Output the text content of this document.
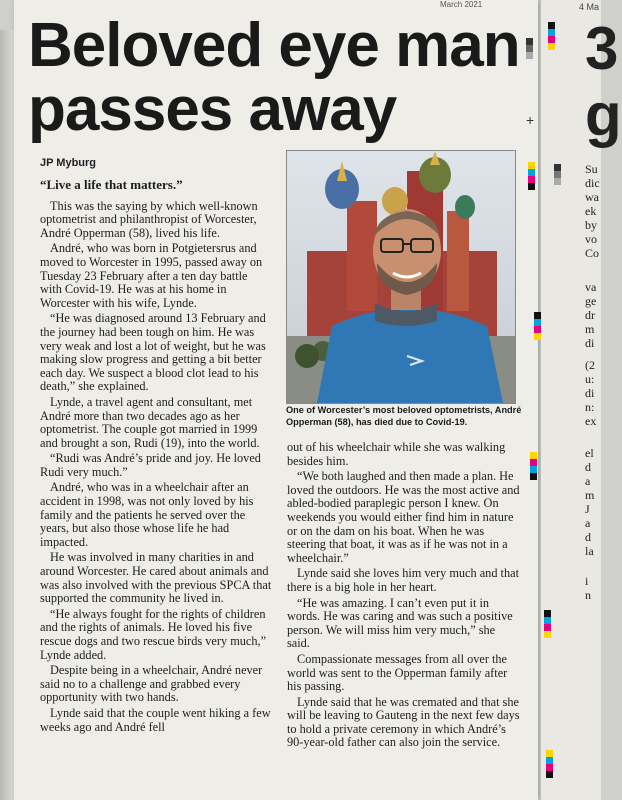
March 2021
Beloved eye man
passes away
JP Myburg

“Live a life that matters.”

This was the saying by which well-known optometrist and philanthropist of Worcester, André Opperman (58), lived his life.

André, who was born in Potgietersrus and moved to Worcester in 1995, passed away on Tuesday 23 February after a ten day battle with Covid-19. He was at his home in Worcester with his wife, Lynde.

“He was diagnosed around 13 February and the journey had been tough on him. He was very weak and lost a lot of weight, but he was making slow progress and getting a bit better each day. We suspect a blood clot lead to his death,” she explained.

Lynde, a travel agent and consultant, met André more than two decades ago as her optometrist. The couple got married in 1999 and brought a son, Rudi (19), into the world.

“Rudi was André’s pride and joy. He loved Rudi very much.”

André, who was in a wheelchair after an accident in 1998, was not only loved by his family and the patients he served over the years, but also those whose life he had impacted.

He was involved in many charities in and around Worcester. He cared about animals and was also involved with the previous SPCA that supported the community he lived in.

“He always fought for the rights of children and the rights of animals. He loved his five rescue dogs and two rescue birds very much,” Lynde added.

Despite being in a wheelchair, André never said no to a challenge and grabbed every opportunity with two hands.

Lynde said that the couple went hiking a few weeks ago and André fell

One of Worcester’s most beloved optometrists, André Opperman (58), has died due to Covid-19.

out of his wheelchair while she was walking besides him.

“We both laughed and then made a plan. He loved the outdoors. He was the most active and abled-bodied paraplegic person I knew. On weekends you would either find him in nature or on the dam on his boat. When he was steering that boat, it was as if he was not in a wheelchair.”

Lynde said she loves him very much and that there is a big hole in her heart.

“He was amazing. I can’t even put it in words. He was caring and was such a positive person. We will miss him very much,” she said.

Compassionate messages from all over the world was sent to the Opperman family after his passing.

Lynde said that he was cremated and that she will be leaving to Gauteng in the next few days to hold a private ceremony in which André’s 90-year-old father can also join the service.

+
4 Ma
3
g
Su
dic
wa
ek
by
vo
Co
va
ge
dr
m
di
(2
u:
di
n:
ex
el
d
a
m
J
a
d
la
i
n
